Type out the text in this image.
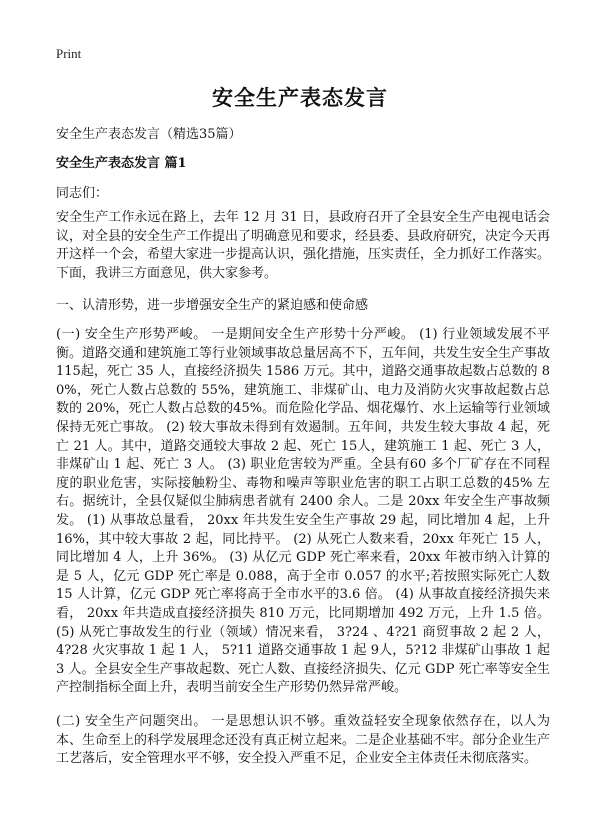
Print
安全生产表态发言
安全生产表态发言（精选35篇）
安全生产表态发言 篇1
同志们：

安全生产工作永远在路上，去年 12 月 31 日，县政府召开了全县安全生产电视电话会议，对全县的安全生产工作提出了明确意见和要求，经县委、县政府研究，决定今天再开这样一个会，希望大家进一步提高认识，强化措施，压实责任，全力抓好工作落实。下面，我讲三方面意见，供大家参考。

一、认清形势，进一步增强安全生产的紧迫感和使命感

(一) 安全生产形势严峻。 一是期间安全生产形势十分严峻。 (1) 行业领域发展不平衡。道路交通和建筑施工等行业领域事故总量居高不下，五年间，共发生安全生产事故 115起，死亡 35 人，直接经济损失 1586 万元。其中，道路交通事故起数占总数的 80%，死亡人数占总数的 55%，建筑施工、非煤矿山、电力及消防火灾事故起数占总数的 20%，死亡人数占总数的45%。而危险化学品、烟花爆竹、水上运输等行业领域保持无死亡事故。 (2) 较大事故未得到有效遏制。五年间，共发生较大事故 4 起，死亡 21 人。其中，道路交通较大事故 2 起、死亡 15人，建筑施工 1 起、死亡 3 人，非煤矿山 1 起、死亡 3 人。 (3) 职业危害较为严重。全县有60 多个厂矿存在不同程度的职业危害，实际接触粉尘、毒物和噪声等职业危害的职工占职工总数的45% 左右。据统计，全县仅疑似尘肺病患者就有 2400 余人。二是 20xx 年安全生产事故频发。 (1) 从事故总量看， 20xx 年共发生安全生产事故 29 起，同比增加 4 起，上升 16%，其中较大事故 2 起，同比持平。 (2) 从死亡人数来看，20xx 年死亡 15 人，同比增加 4 人，上升 36%。 (3) 从亿元 GDP 死亡率来看，20xx 年被市纳入计算的是 5 人，亿元 GDP 死亡率是 0.088，高于全市 0.057 的水平;若按照实际死亡人数 15 人计算，亿元 GDP 死亡率将高于全市水平的3.6 倍。 (4) 从事故直接经济损失来看， 20xx 年共造成直接经济损失 810 万元，比同期增加 492 万元，上升 1.5 倍。 (5) 从死亡事故发生的行业（领域）情况来看， 3?24 、4?21 商贸事故 2 起 2 人，4?28 火灾事故 1 起 1 人， 5?11 道路交通事故 1 起 9人，5?12 非煤矿山事故 1 起 3 人。全县安全生产事故起数、死亡人数、直接经济损失、亿元 GDP 死亡率等安全生产控制指标全面上升，表明当前安全生产形势仍然异常严峻。

(二) 安全生产问题突出。 一是思想认识不够。重效益轻安全现象依然存在，以人为本、生命至上的科学发展理念还没有真正树立起来。二是企业基础不牢。部分企业生产工艺落后，安全管理水平不够，安全投入严重不足，企业安全主体责任未彻底落实。
